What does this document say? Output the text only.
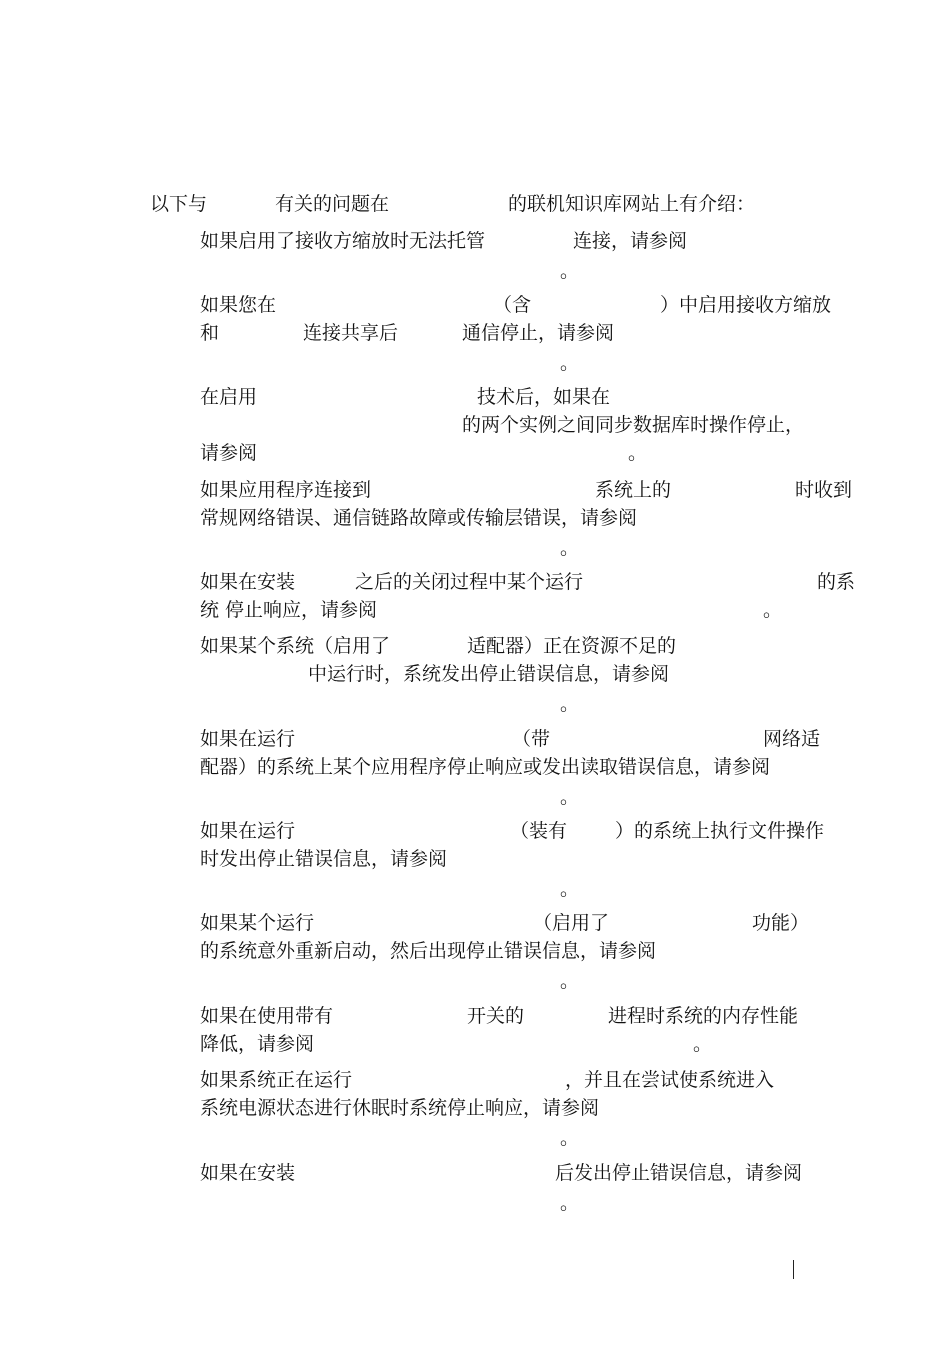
以下与	有关的问题在	的联机知识库网站上有介绍：
如果启用了接收方缩放时无法托管	连接，请参阅
。
如果您在	（含	）中启用接收方缩放
和	连接共享后	通信停止，请参阅
。
在启用	技术后，如果在
的两个实例之间同步数据库时操作停止，
请参阅	。
如果应用程序连接到	系统上的	时收到
常规网络错误、通信链路故障或传输层错误，请参阅
。
如果在安装	之后的关闭过程中某个运行	的系
统 停止响应，请参阅	。
如果某个系统（启用了	适配器）正在资源不足的
中运行时，系统发出停止错误信息，请参阅
。
如果在运行	（带	网络适
配器）的系统上某个应用程序停止响应或发出读取错误信息，请参阅
。
如果在运行	（装有	）的系统上执行文件操作
时发出停止错误信息，请参阅
。
如果某个运行	（启用了	功能）
的系统意外重新启动，然后出现停止错误信息，请参阅
。
如果在使用带有	开关的	进程时系统的内存性能
降低，请参阅	。
如果系统正在运行	，并且在尝试使系统进入
系统电源状态进行休眠时系统停止响应，请参阅
。
如果在安装	后发出停止错误信息，请参阅
。
